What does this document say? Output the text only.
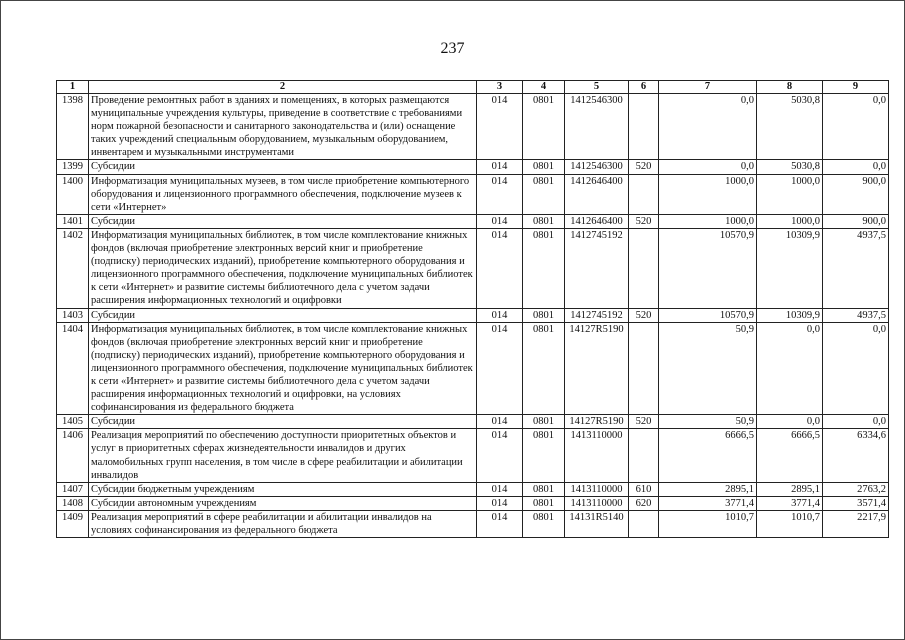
237
1	2	3	4	5	6	7	8	9
1398	Проведение ремонтных работ в зданиях и помещениях, в которых размещаются муниципальные учреждения культуры, приведение в соответствие с требованиями норм пожарной безопасности и санитарного законодательства и (или) оснащение таких учреждений специальным оборудованием, музыкальным оборудованием, инвентарем и музыкальными инструментами	014	0801	1412546300		0,0	5030,8	0,0
1399	Субсидии	014	0801	1412546300	520	0,0	5030,8	0,0
1400	Информатизация муниципальных музеев, в том числе приобретение компьютерного оборудования и лицензионного программного обеспечения, подключение музеев к сети «Интернет»	014	0801	1412646400		1000,0	1000,0	900,0
1401	Субсидии	014	0801	1412646400	520	1000,0	1000,0	900,0
1402	Информатизация муниципальных библиотек, в том числе комплектование книжных фондов (включая приобретение электронных версий книг и приобретение (подписку) периодических изданий), приобретение компьютерного оборудования и лицензионного программного обеспечения, подключение муниципальных библиотек к сети «Интернет» и развитие системы библиотечного дела с учетом задачи расширения информационных технологий и оцифровки	014	0801	1412745192		10570,9	10309,9	4937,5
1403	Субсидии	014	0801	1412745192	520	10570,9	10309,9	4937,5
1404	Информатизация муниципальных библиотек, в том числе комплектование книжных фондов (включая приобретение электронных версий книг и приобретение (подписку) периодических изданий), приобретение компьютерного оборудования и лицензионного программного обеспечения, подключение муниципальных библиотек к сети «Интернет» и развитие системы библиотечного дела с учетом задачи расширения информационных технологий и оцифровки, на условиях софинансирования из федерального бюджета	014	0801	14127R5190		50,9	0,0	0,0
1405	Субсидии	014	0801	14127R5190	520	50,9	0,0	0,0
1406	Реализация мероприятий по обеспечению доступности приоритетных объектов и услуг в приоритетных сферах жизнедеятельности инвалидов и других маломобильных групп населения, в том числе в сфере реабилитации и абилитации инвалидов	014	0801	1413110000		6666,5	6666,5	6334,6
1407	Субсидии бюджетным учреждениям	014	0801	1413110000	610	2895,1	2895,1	2763,2
1408	Субсидии автономным учреждениям	014	0801	1413110000	620	3771,4	3771,4	3571,4
1409	Реализация мероприятий в сфере реабилитации и абилитации инвалидов на условиях софинансирования из федерального бюджета	014	0801	14131R5140		1010,7	1010,7	2217,9
